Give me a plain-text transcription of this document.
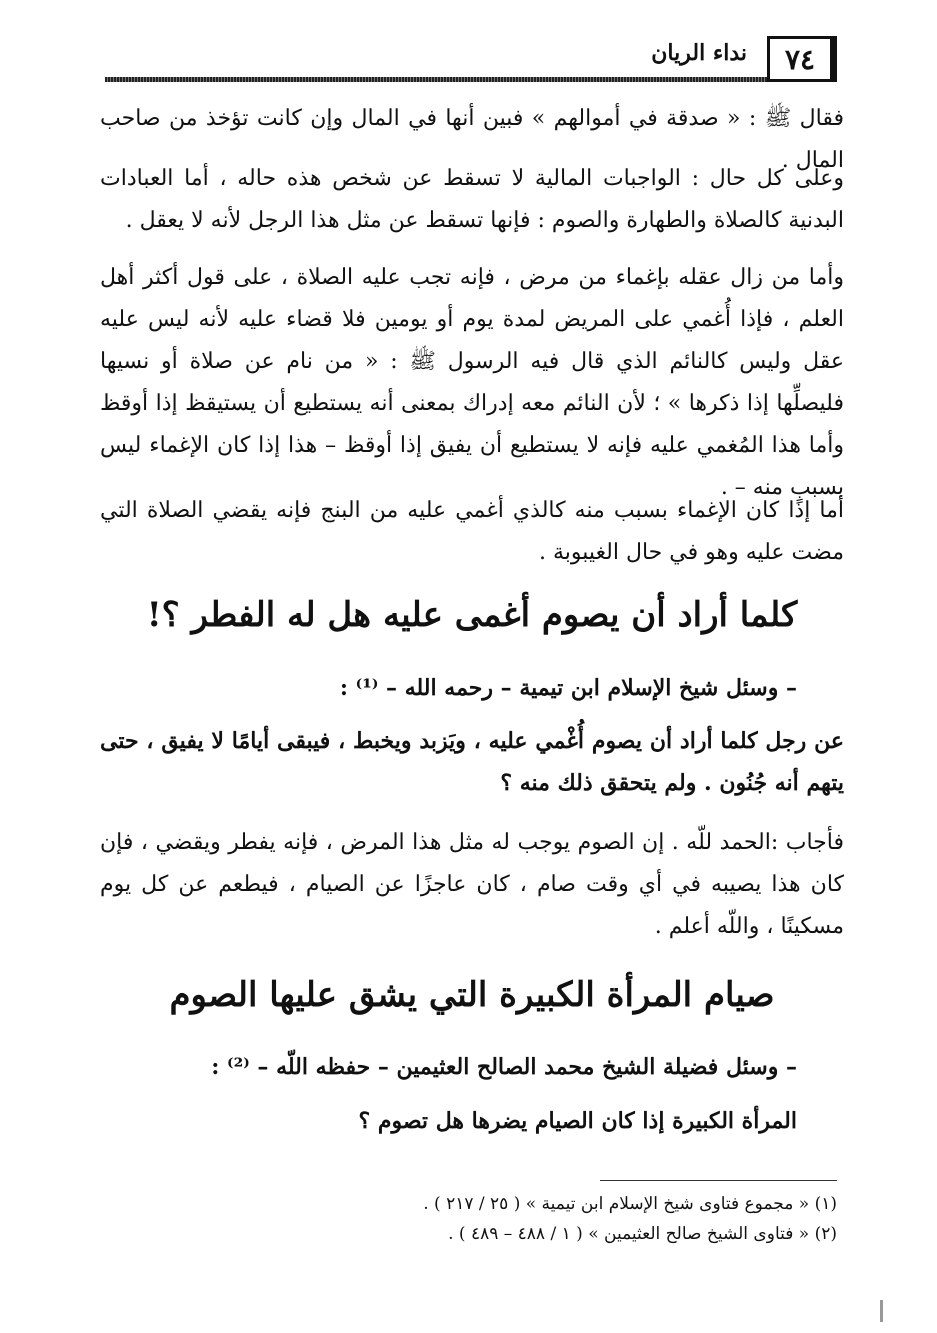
٧٤
نداء الريان

فقال ﷺ : « صدقة في أموالهم » فبين أنها في المال وإن كانت تؤخذ من صاحب المال .

وعلى كل حال : الواجبات المالية لا تسقط عن شخص هذه حاله ، أما العبادات البدنية كالصلاة والطهارة والصوم : فإنها تسقط عن مثل هذا الرجل لأنه لا يعقل .

وأما من زال عقله بإغماء من مرض ، فإنه تجب عليه الصلاة ، على قول أكثر أهل العلم ، فإذا أُغمي على المريض لمدة يوم أو يومين فلا قضاء عليه لأنه ليس عليه عقل وليس كالنائم الذي قال فيه الرسول ﷺ : « من نام عن صلاة أو نسيها فليصلِّها إذا ذكرها » ؛ لأن النائم معه إدراك بمعنى أنه يستطيع أن يستيقظ إذا أوقظ وأما هذا المُغمي عليه فإنه لا يستطيع أن يفيق إذا أوقظ – هذا إذا كان الإغماء ليس بسببٍ منه – .

أما إذا كان الإغماء بسبب منه كالذي أغمي عليه من البنج فإنه يقضي الصلاة التي مضت عليه وهو في حال الغيبوبة .

كلما أراد أن يصوم أغمى عليه هل له الفطر ؟!

– وسئل شيخ الإسلام ابن تيمية – رحمه الله – ⁽¹⁾ :

عن رجل كلما أراد أن يصوم أُغْمي عليه ، ويَزبد ويخبط ، فيبقى أيامًا لا يفيق ، حتى يتهم أنه جُنُون . ولم يتحقق ذلك منه ؟

فأجاب :الحمد للّه . إن الصوم يوجب له مثل هذا المرض ، فإنه يفطر ويقضي ، فإن كان هذا يصيبه في أي وقت صام ، كان عاجزًا عن الصيام ، فيطعم عن كل يوم مسكينًا ، واللّه أعلم .

صيام المرأة الكبيرة التي يشق عليها الصوم

– وسئل فضيلة الشيخ محمد الصالح العثيمين – حفظه اللّه – ⁽²⁾ :

المرأة الكبيرة إذا كان الصيام يضرها هل تصوم ؟

(١) « مجموع فتاوى شيخ الإسلام ابن تيمية » ( ٢٥ / ٢١٧ ) .

(٢) « فتاوى الشيخ صالح العثيمين » ( ١ / ٤٨٨ – ٤٨٩ ) .
